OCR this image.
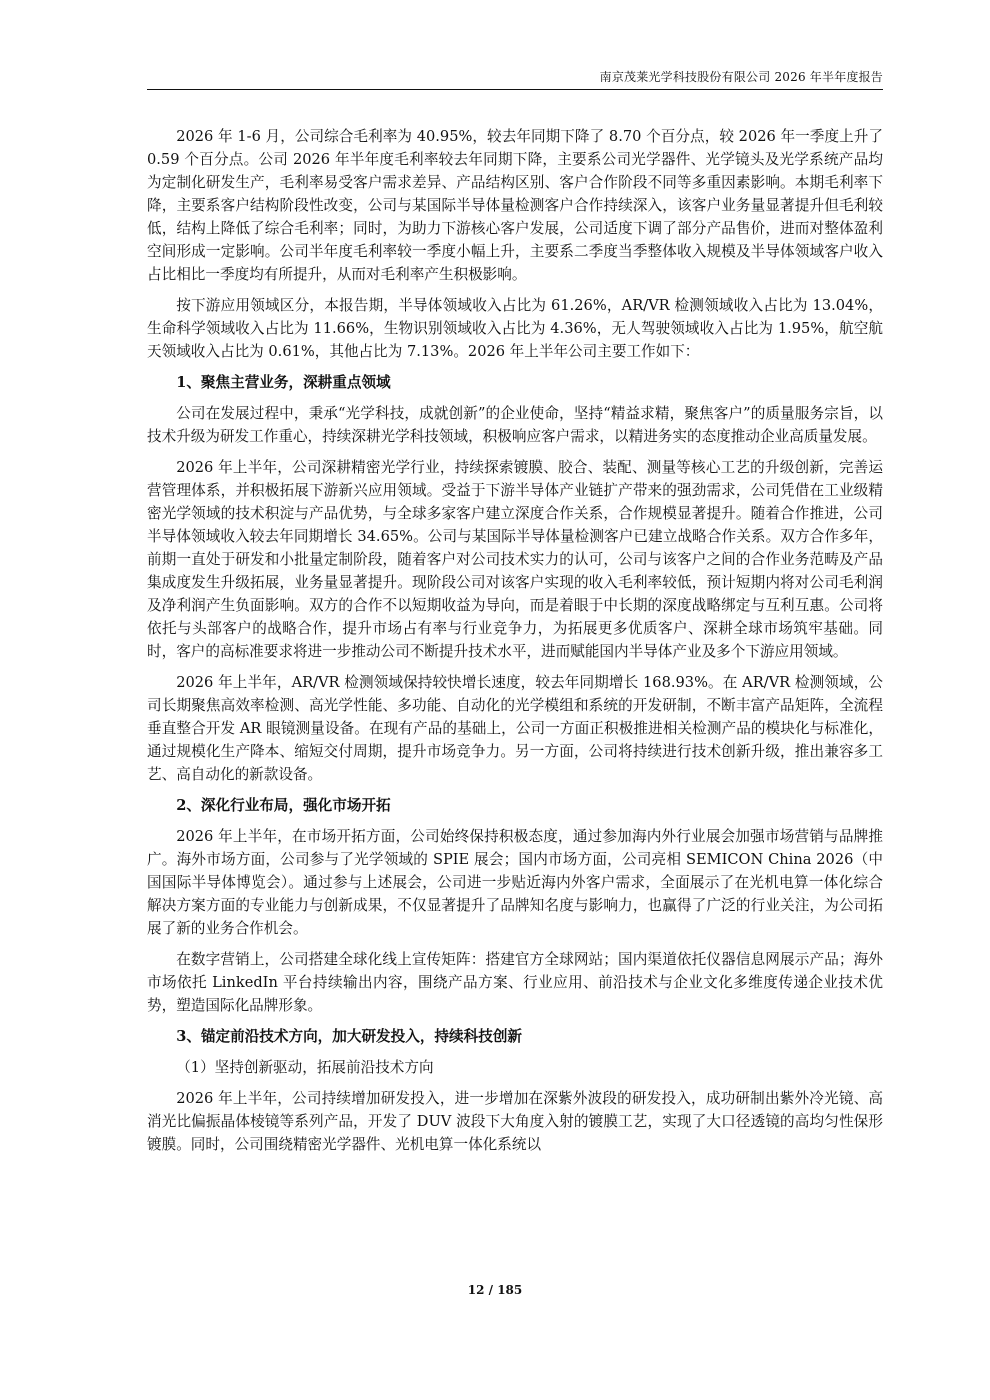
南京茂莱光学科技股份有限公司 2026 年半年度报告

2026 年 1-6 月，公司综合毛利率为 40.95%，较去年同期下降了 8.70 个百分点，较 2026 年一季度上升了 0.59 个百分点。公司 2026 年半年度毛利率较去年同期下降，主要系公司光学器件、光学镜头及光学系统产品均为定制化研发生产，毛利率易受客户需求差异、产品结构区别、客户合作阶段不同等多重因素影响。本期毛利率下降，主要系客户结构阶段性改变，公司与某国际半导体量检测客户合作持续深入，该客户业务量显著提升但毛利较低，结构上降低了综合毛利率；同时，为助力下游核心客户发展，公司适度下调了部分产品售价，进而对整体盈利空间形成一定影响。公司半年度毛利率较一季度小幅上升，主要系二季度当季整体收入规模及半导体领域客户收入占比相比一季度均有所提升，从而对毛利率产生积极影响。

按下游应用领域区分，本报告期，半导体领域收入占比为 61.26%，AR/VR 检测领域收入占比为 13.04%，生命科学领域收入占比为 11.66%，生物识别领域收入占比为 4.36%，无人驾驶领域收入占比为 1.95%，航空航天领域收入占比为 0.61%，其他占比为 7.13%。2026 年上半年公司主要工作如下：

1、聚焦主营业务，深耕重点领域

公司在发展过程中，秉承“光学科技，成就创新”的企业使命，坚持“精益求精，聚焦客户”的质量服务宗旨，以技术升级为研发工作重心，持续深耕光学科技领域，积极响应客户需求，以精进务实的态度推动企业高质量发展。

2026 年上半年，公司深耕精密光学行业，持续探索镀膜、胶合、装配、测量等核心工艺的升级创新，完善运营管理体系，并积极拓展下游新兴应用领域。受益于下游半导体产业链扩产带来的强劲需求，公司凭借在工业级精密光学领域的技术积淀与产品优势，与全球多家客户建立深度合作关系，合作规模显著提升。随着合作推进，公司半导体领域收入较去年同期增长 34.65%。公司与某国际半导体量检测客户已建立战略合作关系。双方合作多年，前期一直处于研发和小批量定制阶段，随着客户对公司技术实力的认可，公司与该客户之间的合作业务范畴及产品集成度发生升级拓展，业务量显著提升。现阶段公司对该客户实现的收入毛利率较低，预计短期内将对公司毛利润及净利润产生负面影响。双方的合作不以短期收益为导向，而是着眼于中长期的深度战略绑定与互利互惠。公司将依托与头部客户的战略合作，提升市场占有率与行业竞争力，为拓展更多优质客户、深耕全球市场筑牢基础。同时，客户的高标准要求将进一步推动公司不断提升技术水平，进而赋能国内半导体产业及多个下游应用领域。

2026 年上半年，AR/VR 检测领域保持较快增长速度，较去年同期增长 168.93%。在 AR/VR 检测领域，公司长期聚焦高效率检测、高光学性能、多功能、自动化的光学模组和系统的开发研制，不断丰富产品矩阵，全流程垂直整合开发 AR 眼镜测量设备。在现有产品的基础上，公司一方面正积极推进相关检测产品的模块化与标准化，通过规模化生产降本、缩短交付周期，提升市场竞争力。另一方面，公司将持续进行技术创新升级，推出兼容多工艺、高自动化的新款设备。

2、深化行业布局，强化市场开拓

2026 年上半年，在市场开拓方面，公司始终保持积极态度，通过参加海内外行业展会加强市场营销与品牌推广。海外市场方面，公司参与了光学领域的 SPIE 展会；国内市场方面，公司亮相 SEMICON China 2026（中国国际半导体博览会）。通过参与上述展会，公司进一步贴近海内外客户需求，全面展示了在光机电算一体化综合解决方案方面的专业能力与创新成果，不仅显著提升了品牌知名度与影响力，也赢得了广泛的行业关注，为公司拓展了新的业务合作机会。

在数字营销上，公司搭建全球化线上宣传矩阵：搭建官方全球网站；国内渠道依托仪器信息网展示产品；海外市场依托 LinkedIn 平台持续输出内容，围绕产品方案、行业应用、前沿技术与企业文化多维度传递企业技术优势，塑造国际化品牌形象。

3、锚定前沿技术方向，加大研发投入，持续科技创新

（1）坚持创新驱动，拓展前沿技术方向

2026 年上半年，公司持续增加研发投入，进一步增加在深紫外波段的研发投入，成功研制出紫外冷光镜、高消光比偏振晶体棱镜等系列产品，开发了 DUV 波段下大角度入射的镀膜工艺，实现了大口径透镜的高均匀性保形镀膜。同时，公司围绕精密光学器件、光机电算一体化系统以

12 / 185
